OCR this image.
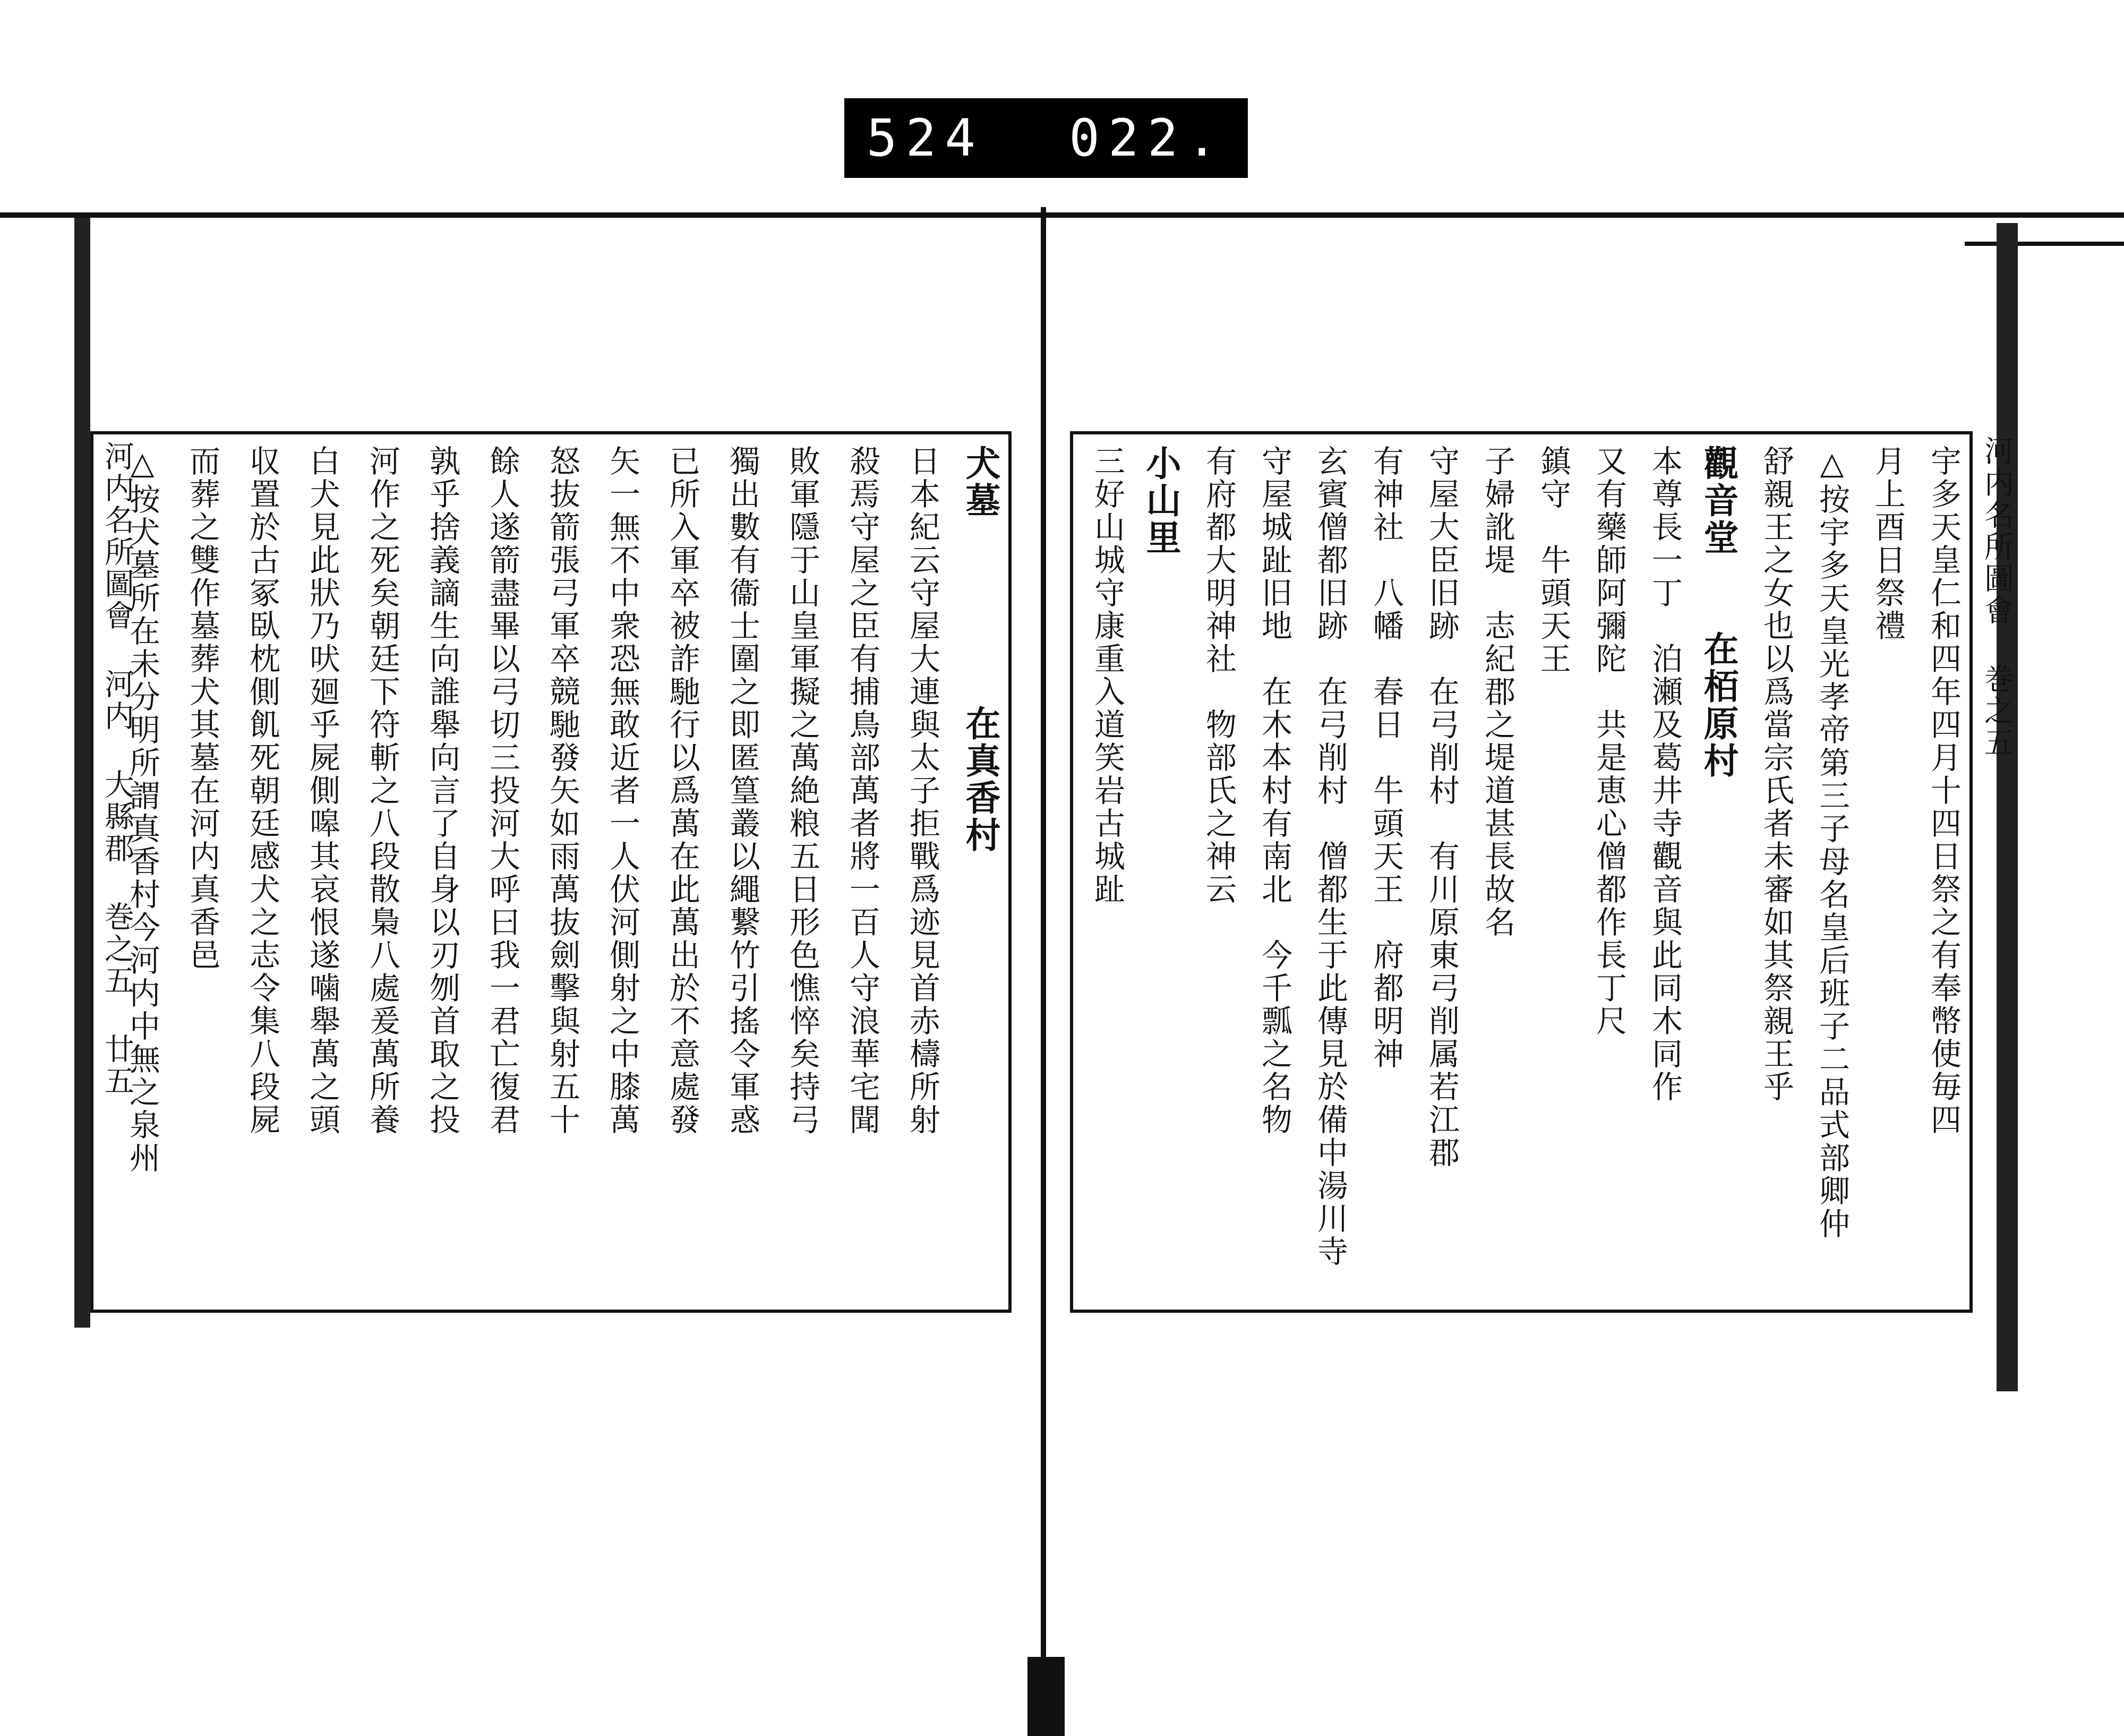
524 022.
河内名所圖會 河内 大縣郡 巻之五 廿五
河内名所圖會 巻之五
犬墓　　　　　在真香村
日本紀云守屋大連與太子拒戰爲迹見首赤檮所射
殺焉守屋之臣有捕鳥部萬者將一百人守浪華宅聞
敗軍隱于山皇軍擬之萬絶粮五日形色憔悴矣持弓
獨出數有衞士圍之即匿篁叢以繩繋竹引搖令軍惑
已所入軍卒被詐馳行以爲萬在此萬出於不意處發
矢一無不中衆恐無敢近者一人伏河側射之中膝萬
怒抜箭張弓軍卒競馳發矢如雨萬抜劍擊與射五十
餘人遂箭盡畢以弓切三投河大呼曰我一君亡復君
孰乎捨義謫生向誰舉向言了自身以刃刎首取之投
河作之死矣朝廷下符斬之八段散梟八處爰萬所養
白犬見此狀乃吠廻乎屍側嗥其哀恨遂噛舉萬之頭
収置於古冢臥枕側飢死朝廷感犬之志令集八段屍
而葬之雙作墓葬犬其墓在河内真香邑
△按犬墓所在未分明所謂真香村今河内中無之泉州	宇多天皇仁和四年四月十四日祭之有奉幣使毎四
月上酉日祭禮
△按宇多天皇光孝帝第三子母名皇后班子二品式部卿仲
舒親王之女也以爲當宗氏者未審如其祭親王乎
觀音堂　　在栢原村
本尊長一丁　泊瀬及葛井寺觀音與此同木同作
又有藥師阿彌陀　共是恵心僧都作長丁尺
鎮守　牛頭天王
子婦訛堤　志紀郡之堤道甚長故名
守屋大臣旧跡　在弓削村　有川原東弓削属若江郡
有神社　八幡　春日　牛頭天王　府都明神
玄賓僧都旧跡　在弓削村　僧都生于此傳見於備中湯川寺
守屋城趾旧地　在木本村有南北　今千瓢之名物
有府都大明神社　物部氏之神云
小山里
三好山城守康重入道笑岩古城趾
